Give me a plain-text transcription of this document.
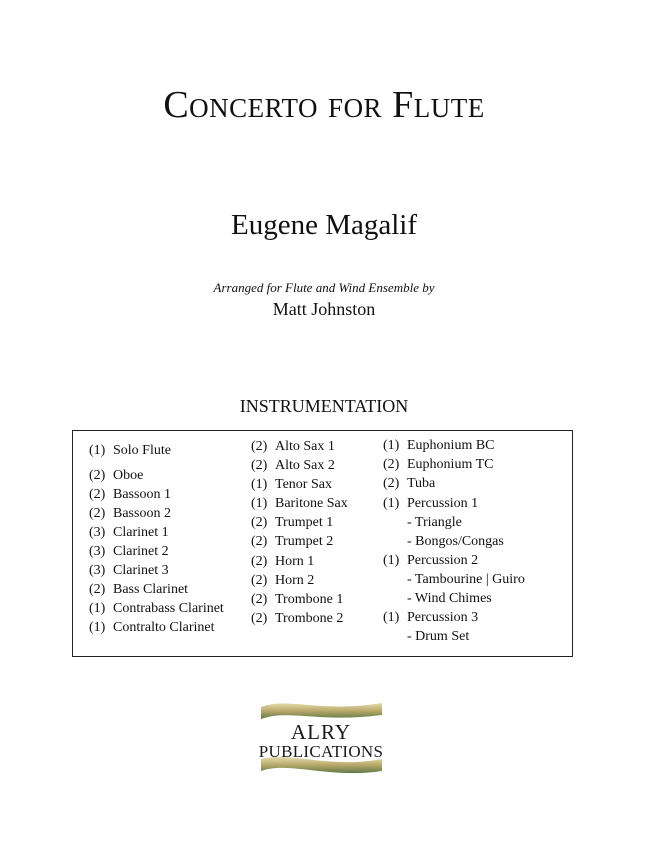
Concerto for Flute
Eugene Magalif
Arranged for Flute and Wind Ensemble by
Matt Johnston
INSTRUMENTATION
(1) Solo Flute
(2) Oboe
(2) Bassoon 1
(2) Bassoon 2
(3) Clarinet 1
(3) Clarinet 2
(3) Clarinet 3
(2) Bass Clarinet
(1) Contrabass Clarinet
(1) Contralto Clarinet
(2) Alto Sax 1
(2) Alto Sax 2
(1) Tenor Sax
(1) Baritone Sax
(2) Trumpet 1
(2) Trumpet 2
(2) Horn 1
(2) Horn 2
(2) Trombone 1
(2) Trombone 2
(1) Euphonium BC
(2) Euphonium TC
(2) Tuba
(1) Percussion 1
- Triangle
- Bongos/Congas
(1) Percussion 2
- Tambourine | Guiro
- Wind Chimes
(1) Percussion 3
- Drum Set
ALRY
PUBLICATIONS
